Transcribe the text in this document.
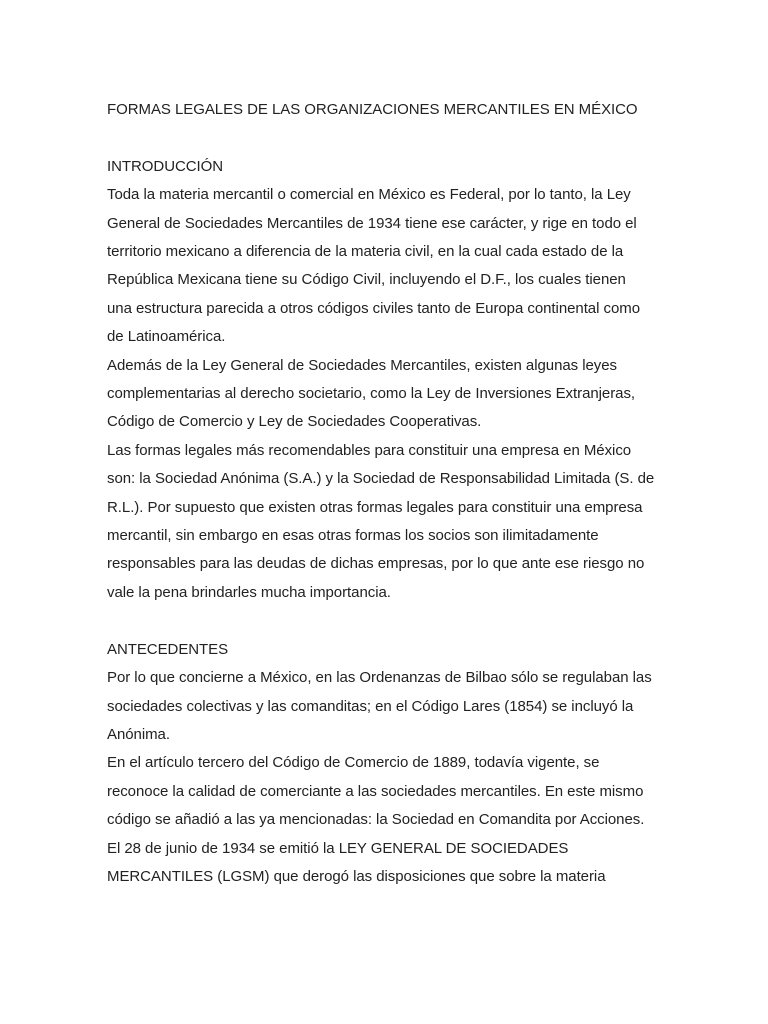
FORMAS LEGALES DE LAS ORGANIZACIONES MERCANTILES EN MÉXICO
INTRODUCCIÓN

Toda la materia mercantil o comercial en México es Federal, por lo tanto, la Ley

General de Sociedades Mercantiles de 1934 tiene ese carácter, y rige en todo el

territorio mexicano a diferencia de la materia civil, en la cual cada estado de la

República Mexicana tiene su Código Civil, incluyendo el D.F., los cuales tienen

una estructura parecida a otros códigos civiles tanto de Europa continental como

de Latinoamérica.

Además de la Ley General de Sociedades Mercantiles, existen algunas leyes

complementarias al derecho societario, como la Ley de Inversiones Extranjeras,

Código de Comercio y Ley de Sociedades Cooperativas.

Las formas legales más recomendables para constituir una empresa en México

son: la Sociedad Anónima (S.A.) y la Sociedad de Responsabilidad Limitada (S. de

R.L.). Por supuesto que existen otras formas legales para constituir una empresa

mercantil, sin embargo en esas otras formas los socios son ilimitadamente

responsables para las deudas de dichas empresas, por lo que ante ese riesgo no

vale la pena brindarles mucha importancia.

ANTECEDENTES

Por lo que concierne a México, en las Ordenanzas de Bilbao sólo se regulaban las

sociedades colectivas y las comanditas; en el Código Lares (1854) se incluyó la

Anónima.

En el artículo tercero del Código de Comercio de 1889, todavía vigente, se

reconoce la calidad de comerciante a las sociedades mercantiles. En este mismo

código se añadió a las ya mencionadas: la Sociedad en Comandita por Acciones.

El 28 de junio de 1934 se emitió la LEY GENERAL DE SOCIEDADES

MERCANTILES (LGSM) que derogó las disposiciones que sobre la materia
